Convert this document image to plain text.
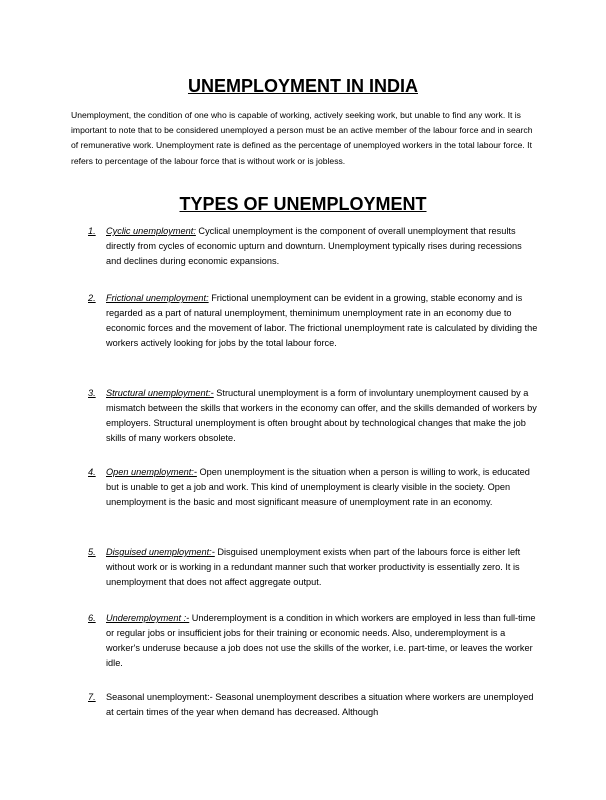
UNEMPLOYMENT IN INDIA

Unemployment, the condition of one who is capable of working, actively seeking work, but unable to find any work. It is important to note that to be considered unemployed a person must be an active member of the labour force and in search of remunerative work. Unemployment rate is defined as the percentage of unemployed workers in the total labour force. It refers to percentage of the labour force that is without work or is jobless.

TYPES OF UNEMPLOYMENT
1. Cyclic unemployment: Cyclical unemployment is the component of overall unemployment that results directly from cycles of economic upturn and downturn. Unemployment typically rises during recessions and declines during economic expansions.
2. Frictional unemployment: Frictional unemployment can be evident in a growing, stable economy and is regarded as a part of natural unemployment, theminimum unemployment rate in an economy due to economic forces and the movement of labor. The frictional unemployment rate is calculated by dividing the workers actively looking for jobs by the total labour force.
3. Structural unemployment:- Structural unemployment is a form of involuntary unemployment caused by a mismatch between the skills that workers in the economy can offer, and the skills demanded of workers by employers. Structural unemployment is often brought about by technological changes that make the job skills of many workers obsolete.
4. Open unemployment:- Open unemployment is the situation when a person is willing to work, is educated but is unable to get a job and work. This kind of unemployment is clearly visible in the society. Open unemployment is the basic and most significant measure of unemployment rate in an economy.
5. Disguised unemployment:- Disguised unemployment exists when part of the labours force is either left without work or is working in a redundant manner such that worker productivity is essentially zero. It is unemployment that does not affect aggregate output.
6. Underemployment :- Underemployment is a condition in which workers are employed in less than full-time or regular jobs or insufficient jobs for their training or economic needs. Also, underemployment is a worker's underuse because a job does not use the skills of the worker, i.e. part-time, or leaves the worker idle.
7. Seasonal unemployment:- Seasonal unemployment describes a situation where workers are unemployed at certain times of the year when demand has decreased. Although
